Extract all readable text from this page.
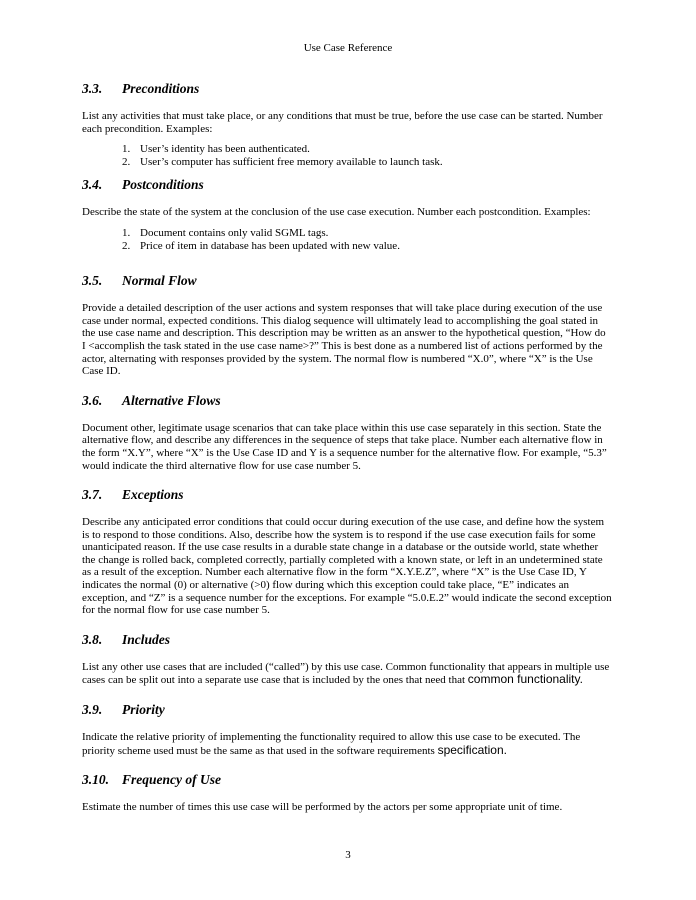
Use Case Reference
3.3.	Preconditions

List any activities that must take place, or any conditions that must be true, before the use case can be started. Number each precondition. Examples:

1. User’s identity has been authenticated.
2. User’s computer has sufficient free memory available to launch task.
3.4.	Postconditions

Describe the state of the system at the conclusion of the use case execution. Number each postcondition. Examples:

1. Document contains only valid SGML tags.
2. Price of item in database has been updated with new value.
3.5.	Normal Flow

Provide a detailed description of the user actions and system responses that will take place during execution of the use case under normal, expected conditions. This dialog sequence will ultimately lead to accomplishing the goal stated in the use case name and description. This description may be written as an answer to the hypothetical question, “How do I <accomplish the task stated in the use case name>?” This is best done as a numbered list of actions performed by the actor, alternating with responses provided by the system. The normal flow is numbered “X.0”, where “X” is the Use Case ID.

3.6.	Alternative Flows

Document other, legitimate usage scenarios that can take place within this use case separately in this section. State the alternative flow, and describe any differences in the sequence of steps that take place. Number each alternative flow in the form “X.Y”, where “X” is the Use Case ID and Y is a sequence number for the alternative flow. For example, “5.3” would indicate the third alternative flow for use case number 5.

3.7.	Exceptions

Describe any anticipated error conditions that could occur during execution of the use case, and define how the system is to respond to those conditions. Also, describe how the system is to respond if the use case execution fails for some unanticipated reason. If the use case results in a durable state change in a database or the outside world, state whether the change is rolled back, completed correctly, partially completed with a known state, or left in an undetermined state as a result of the exception. Number each alternative flow in the form “X.Y.E.Z”, where “X” is the Use Case ID, Y indicates the normal (0) or alternative (>0) flow during which this exception could take place, “E” indicates an exception, and “Z” is a sequence number for the exceptions. For example “5.0.E.2” would indicate the second exception for the normal flow for use case number 5.

3.8.	Includes

List any other use cases that are included (“called”) by this use case. Common functionality that appears in multiple use cases can be split out into a separate use case that is included by the ones that need that common functionality.

3.9.	Priority

Indicate the relative priority of implementing the functionality required to allow this use case to be executed. The priority scheme used must be the same as that used in the software requirements specification.

3.10. Frequency of Use

Estimate the number of times this use case will be performed by the actors per some appropriate unit of time.

3
